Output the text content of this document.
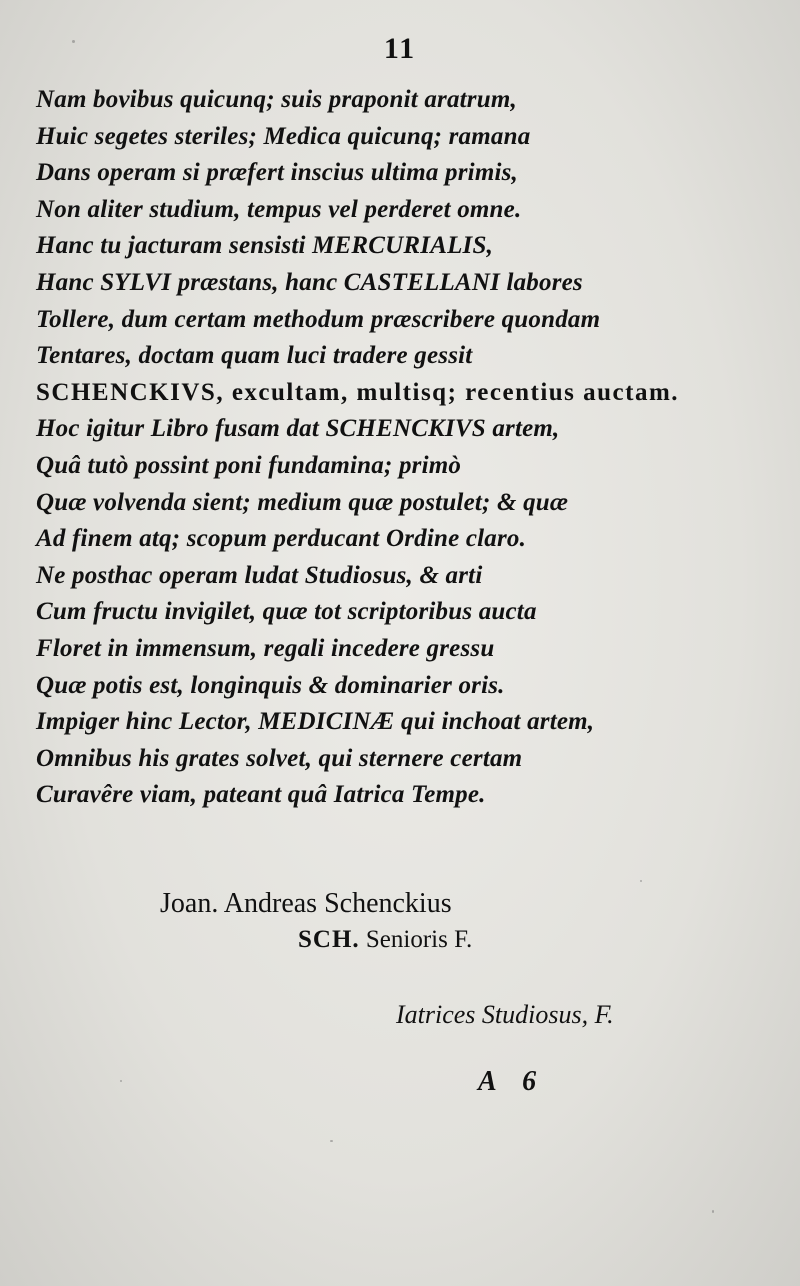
11
Nam bovibus quicunq; suis praponit aratrum,
Huic segetes steriles; Medica quicunq; ramana
Dans operam si præfert inscius ultima primis,
Non aliter studium, tempus vel perderet omne.
Hanc tu jacturam sensisti MERCURIALIS,
Hanc SYLVI præstans, hanc CASTELLANI labores
Tollere, dum certam methodum præscribere quondam
Tentares, doctam quam luci tradere gessit
SCHENCKIVS, excultam, multisq; recentius auctam.
Hoc igitur Libro fusam dat SCHENCKIVS artem,
Quâ tutò possint poni fundamina; primò
Quæ volvenda sient; medium quæ postulet; & quæ
Ad finem atq; scopum perducant Ordine claro.
Ne posthac operam ludat Studiosus, & arti
Cum fructu invigilet, quæ tot scriptoribus aucta
Floret in immensum, regali incedere gressu
Quæ potis est, longinquis & dominarier oris.
Impiger hinc Lector, MEDICINÆ qui inchoat artem,
Omnibus his grates solvet, qui sternere certam
Curavêre viam, pateant quâ Iatrica Tempe.
Joan. Andreas Schenckius
SCH. Senioris F.
Iatrices Studiosus, F.
A 6
